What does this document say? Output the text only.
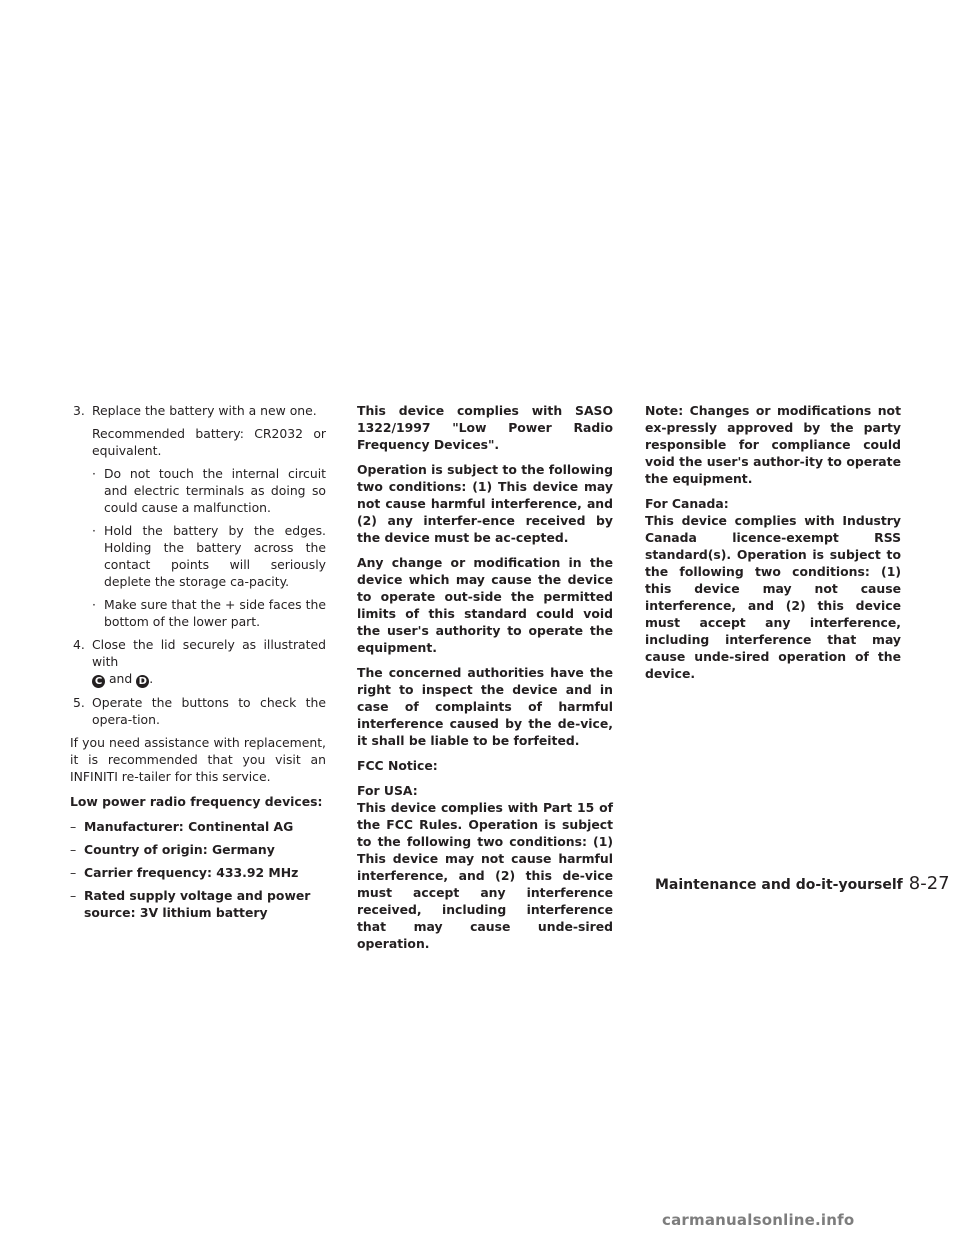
3. Replace the battery with a new one.
Recommended battery: CR2032 or equivalent.
· Do not touch the internal circuit and electric terminals as doing so could cause a malfunction.
· Hold the battery by the edges. Holding the battery across the contact points will seriously deplete the storage ca-pacity.
· Make sure that the + side faces the bottom of the lower part.
4. Close the lid securely as illustrated with
C and D .
5. Operate the buttons to check the opera-tion.

If you need assistance with replacement, it is recommended that you visit an INFINITI re-tailer for this service.

Low power radio frequency devices:

– Manufacturer: Continental AG
– Country of origin: Germany
– Carrier frequency: 433.92 MHz
– Rated supply voltage and power source: 3V lithium battery

This device complies with SASO 1322/1997 "Low Power Radio Frequency Devices".

Operation is subject to the following two conditions: (1) This device may not cause harmful interference, and (2) any interfer-ence received by the device must be ac-cepted.

Any change or modification in the device which may cause the device to operate out-side the permitted limits of this standard could void the user's authority to operate the equipment.

The concerned authorities have the right to inspect the device and in case of complaints of harmful interference caused by the de-vice, it shall be liable to be forfeited.

FCC Notice:

For USA:

This device complies with Part 15 of the FCC Rules. Operation is subject to the following two conditions: (1) This device may not cause harmful interference, and (2) this de-vice must accept any interference received, including interference that may cause unde-sired operation.

Note: Changes or modifications not ex-pressly approved by the party responsible for compliance could void the user's author-ity to operate the equipment.

For Canada:

This device complies with Industry Canada licence-exempt RSS standard(s). Operation is subject to the following two conditions: (1) this device may not cause interference, and (2) this device must accept any interference, including interference that may cause unde-sired operation of the device.

Maintenance and do-it-yourself 8-27
carmanualsonline.info
